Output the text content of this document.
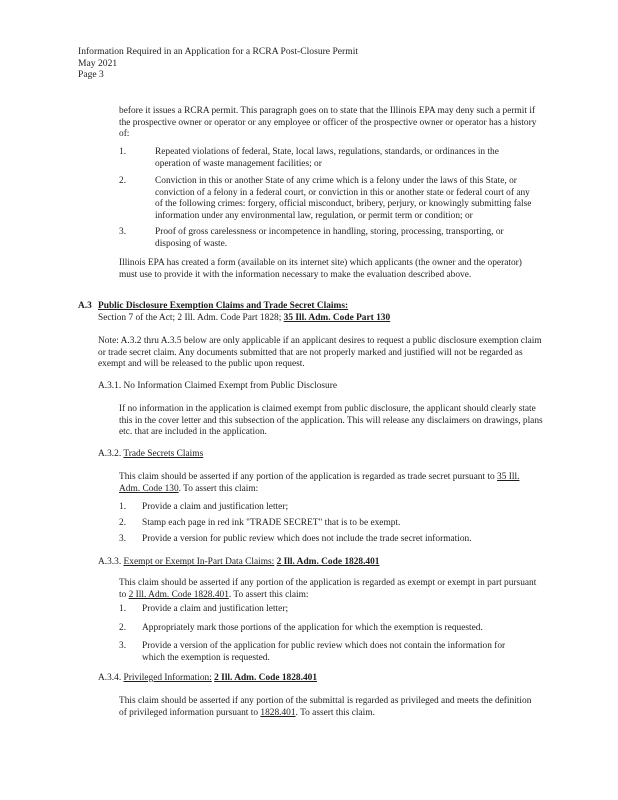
Information Required in an Application for a RCRA Post-Closure Permit
May 2021
Page 3
before it issues a RCRA permit. This paragraph goes on to state that the Illinois EPA may deny such a permit if the prospective owner or operator or any employee or officer of the prospective owner or operator has a history of:
1.	Repeated violations of federal, State, local laws, regulations, standards, or ordinances in the operation of waste management facilities; or
2.	Conviction in this or another State of any crime which is a felony under the laws of this State, or conviction of a felony in a federal court, or conviction in this or another state or federal court of any of the following crimes: forgery, official misconduct, bribery, perjury, or knowingly submitting false information under any environmental law, regulation, or permit term or condition; or
3.	Proof of gross carelessness or incompetence in handling, storing, processing, transporting, or disposing of waste.
Illinois EPA has created a form (available on its internet site) which applicants (the owner and the operator) must use to provide it with the information necessary to make the evaluation described above.
A.3 Public Disclosure Exemption Claims and Trade Secret Claims:
Section 7 of the Act; 2 Ill. Adm. Code Part 1828; 35 Ill. Adm. Code Part 130
Note: A.3.2 thru A.3.5 below are only applicable if an applicant desires to request a public disclosure exemption claim or trade secret claim. Any documents submitted that are not properly marked and justified will not be regarded as exempt and will be released to the public upon request.
A.3.1. No Information Claimed Exempt from Public Disclosure
If no information in the application is claimed exempt from public disclosure, the applicant should clearly state this in the cover letter and this subsection of the application. This will release any disclaimers on drawings, plans etc. that are included in the application.
A.3.2. Trade Secrets Claims
This claim should be asserted if any portion of the application is regarded as trade secret pursuant to 35 Ill. Adm. Code 130. To assert this claim:
1. Provide a claim and justification letter;
2. Stamp each page in red ink "TRADE SECRET" that is to be exempt.
3. Provide a version for public review which does not include the trade secret information.
A.3.3. Exempt or Exempt In-Part Data Claims: 2 Ill. Adm. Code 1828.401
This claim should be asserted if any portion of the application is regarded as exempt or exempt in part pursuant to 2 Ill. Adm. Code 1828.401. To assert this claim:
1. Provide a claim and justification letter;
2. Appropriately mark those portions of the application for which the exemption is requested.
3. Provide a version of the application for public review which does not contain the information for which the exemption is requested.
A.3.4. Privileged Information: 2 Ill. Adm. Code 1828.401
This claim should be asserted if any portion of the submittal is regarded as privileged and meets the definition of privileged information pursuant to 1828.401. To assert this claim.
